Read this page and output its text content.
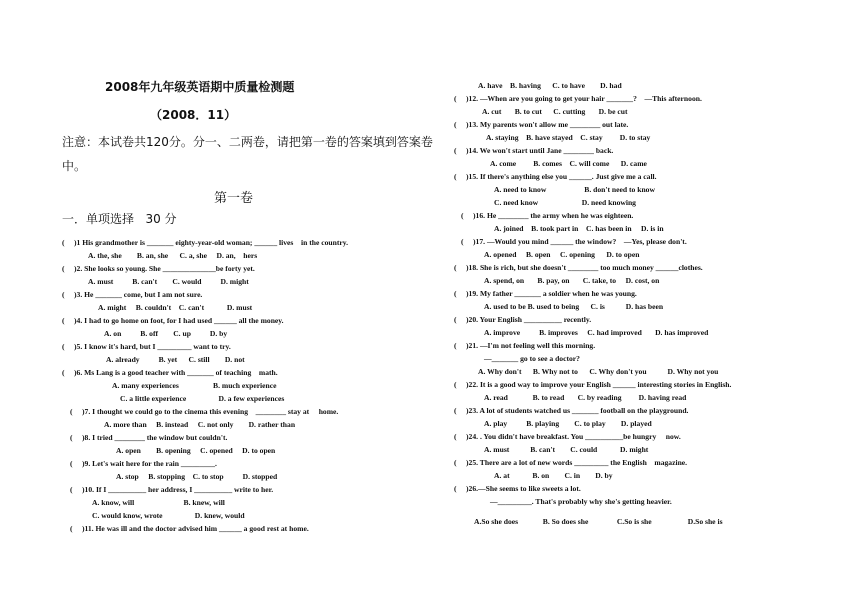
2008年九年级英语期中质量检测题
（2008．11）
注意：本试卷共120分。分一、二两卷，请把第一卷的答案填到答案卷
中。
第一卷
一．单项选择   30 分
(     )1 His grandmother is _______ eighty-year-old woman; ______ lives    in the country.
A. the, she        B. an, she      C. a, she     D. an,    hers
(     )2. She looks so young. She ______________be forty yet.
A. must          B. can't        C. would          D. might
(     )3. He _______ come, but I am not sure.
A. might     B. couldn't    C. can't            D. must
(     )4. I had to go home on foot, for I had used ______ all the money.
A. on          B. off        C. up          D. by
(     )5. I know it's hard, but I _________ want to try.
A. already          B. yet      C. still        D. not
(     )6. Ms Lang is a good teacher with _______ of teaching    math.
A. many experiences                  B. much experience
C. a little experience                 D. a few experiences
(     )7. I thought we could go to the cinema this evening    ________ stay at     home.
A. more than     B. instead     C. not only        D. rather than
(     )8. I tried ________ the window but couldn't.
A. open        B. opening     C. opened     D. to open
(     )9. Let's wait here for the rain _________.
A. stop     B. stopping    C. to stop          D. stopped
(     )10. If I __________ her address, I __________ write to her.
A. know, will                          B. knew, will
C. would know, wrote                 D. knew, would
(     )11. He was ill and the doctor advised him ______ a good rest at home.
A. have    B. having      C. to have        D. had
(     )12. —When are you going to get your hair _______?    —This afternoon.
A. cut       B. to cut      C. cutting       D. be cut
(     )13. My parents won't allow me ________ out late.
A. staying    B. have stayed    C. stay         D. to stay
(     )14. We won't start until Jane ________ back.
A. come         B. comes    C. will come      D. came
(     )15. If there's anything else you ______. Just give me a call.
A. need to know                    B. don't need to know
C. need know                       D. need knowing
(     )16. He ________ the army when he was eighteen.
A. joined    B. took part in    C. has been in     D. is in
(     )17. —Would you mind ______ the window?    —Yes, please don't.
A. opened     B. open     C. opening      D. to open
(     )18. She is rich, but she doesn't ________ too much money ______clothes.
A. spend, on       B. pay, on       C. take, to     D. cost, on
(     )19. My father _______ a soldier when he was young.
A. used to be B. used to being      C. is           D. has been
(     )20. Your English __________ recently.
A. improve          B. improves     C. had improved       D. has improved
(     )21. —I'm not feeling well this morning.
—_______ go to see a doctor?
A. Why don't      B. Why not to      C. Why don't you           D. Why not you
(     )22. It is a good way to improve your English ______ interesting stories in English.
A. read             B. to read       C. by reading         D. having read
(     )23. A lot of students watched us _______ football on the playground.
A. play          B. playing        C. to play        D. played
(     )24. . You didn't have breakfast. You __________be hungry     now.
A. must           B. can't        C. could            D. might
(     )25. There are a lot of new words _________ the English    magazine.
A. at            B. on        C. in        D. by
(     )26.—She seems to like sweets a lot.
—_________. That's probably why she's getting heavier.
A.So she does             B. So does she               C.So is she                   D.So she is
